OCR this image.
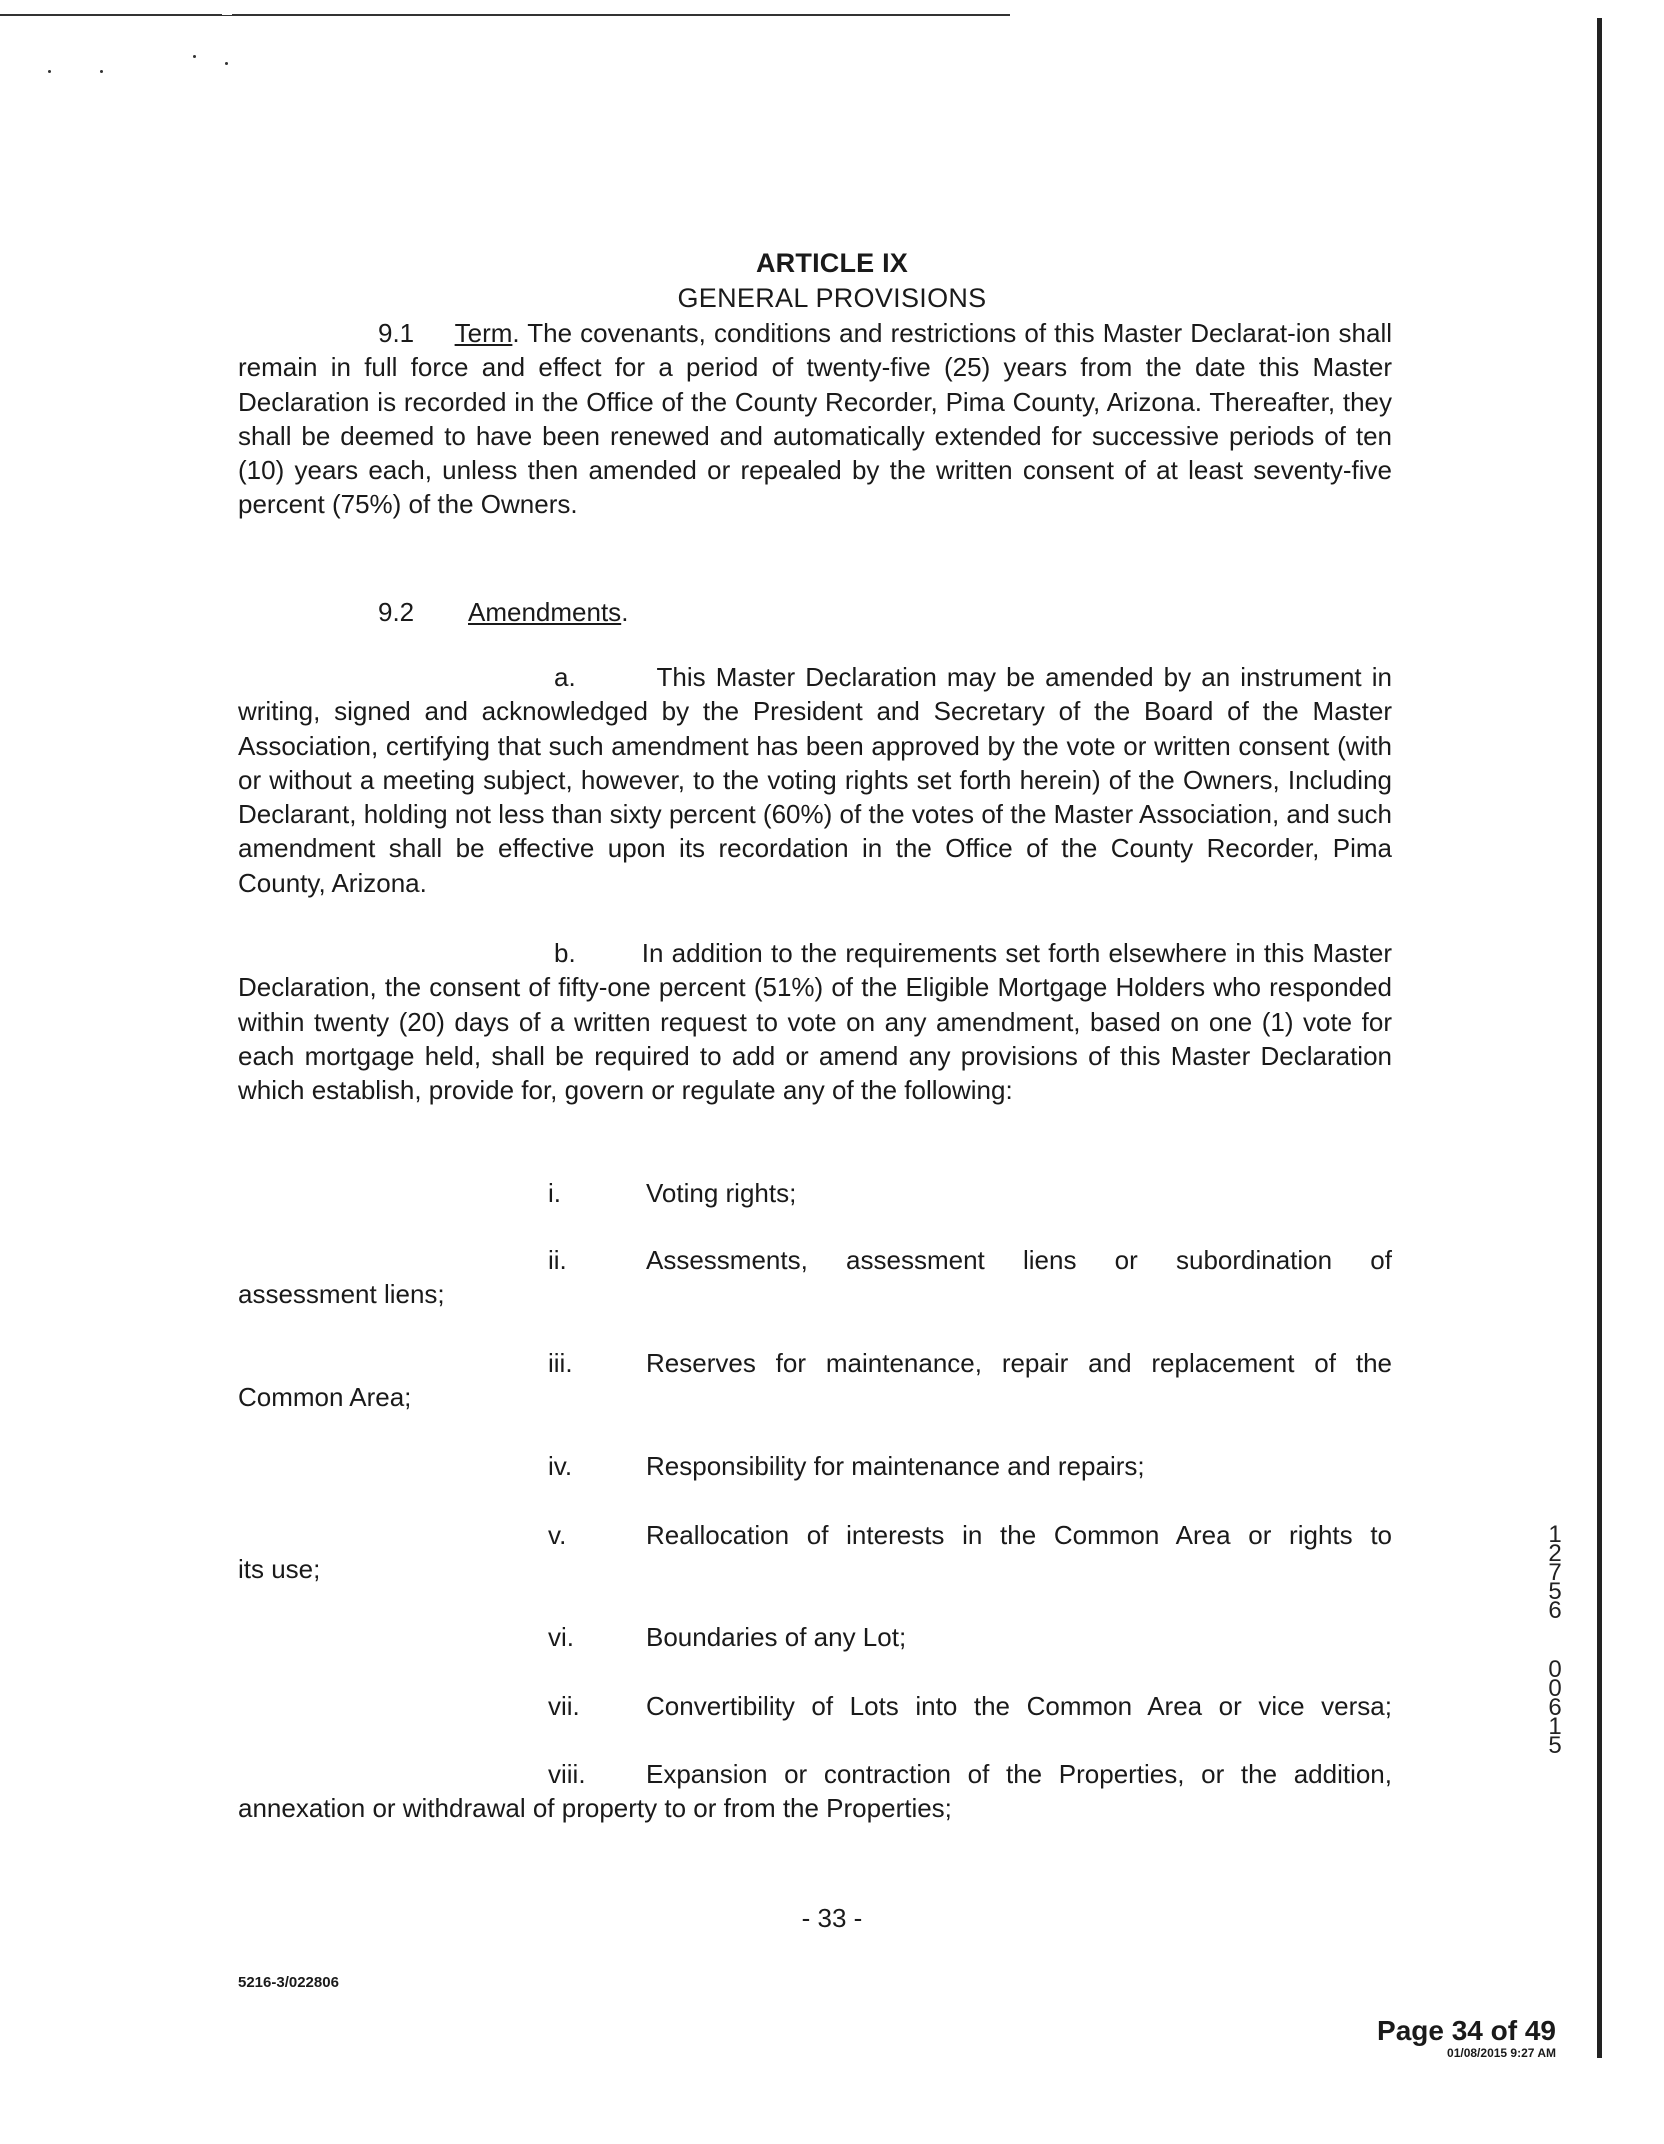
ARTICLE IX
GENERAL PROVISIONS

9.1 Term. The covenants, conditions and restrictions of this Master Declarat-ion shall remain in full force and effect for a period of twenty-five (25) years from the date this Master Declaration is recorded in the Office of the County Recorder, Pima County, Arizona. Thereafter, they shall be deemed to have been renewed and automatically extended for successive periods of ten (10) years each, unless then amended or repealed by the written consent of at least seventy-five percent (75%) of the Owners.

9.2 Amendments.

a.	This Master Declaration may be amended by an instrument in writing, signed and acknowledged by the President and Secretary of the Board of the Master Association, certifying that such amendment has been approved by the vote or written consent (with or without a meeting subject, however, to the voting rights set forth herein) of the Owners, Including Declarant, holding not less than sixty percent (60%) of the votes of the Master Association, and such amendment shall be effective upon its recordation in the Office of the County Recorder, Pima County, Arizona.

b.	In addition to the requirements set forth elsewhere in this Master Declaration, the consent of fifty-one percent (51%) of the Eligible Mortgage Holders who responded within twenty (20) days of a written request to vote on any amendment, based on one (1) vote for each mortgage held, shall be required to add or amend any provisions of this Master Declaration which establish, provide for, govern or regulate any of the following:

i.	Voting rights;
ii.	Assessments, assessment liens or subordination of
assessment liens;
iii.	Reserves for maintenance, repair and replacement of the
Common Area;
iv.	Responsibility for maintenance and repairs;
v.	Reallocation of interests in the Common Area or rights to
its use;
vi.	Boundaries of any Lot;
vii.	Convertibility of Lots into the Common Area or vice versa;
viii. Expansion or contraction of the Properties, or the addition,
annexation or withdrawal of property to or from the Properties;
1
2
7
5
6
0
0
6
1
5
- 33 -
5216-3/022806
Page 34 of 49
01/08/2015 9:27 AM
